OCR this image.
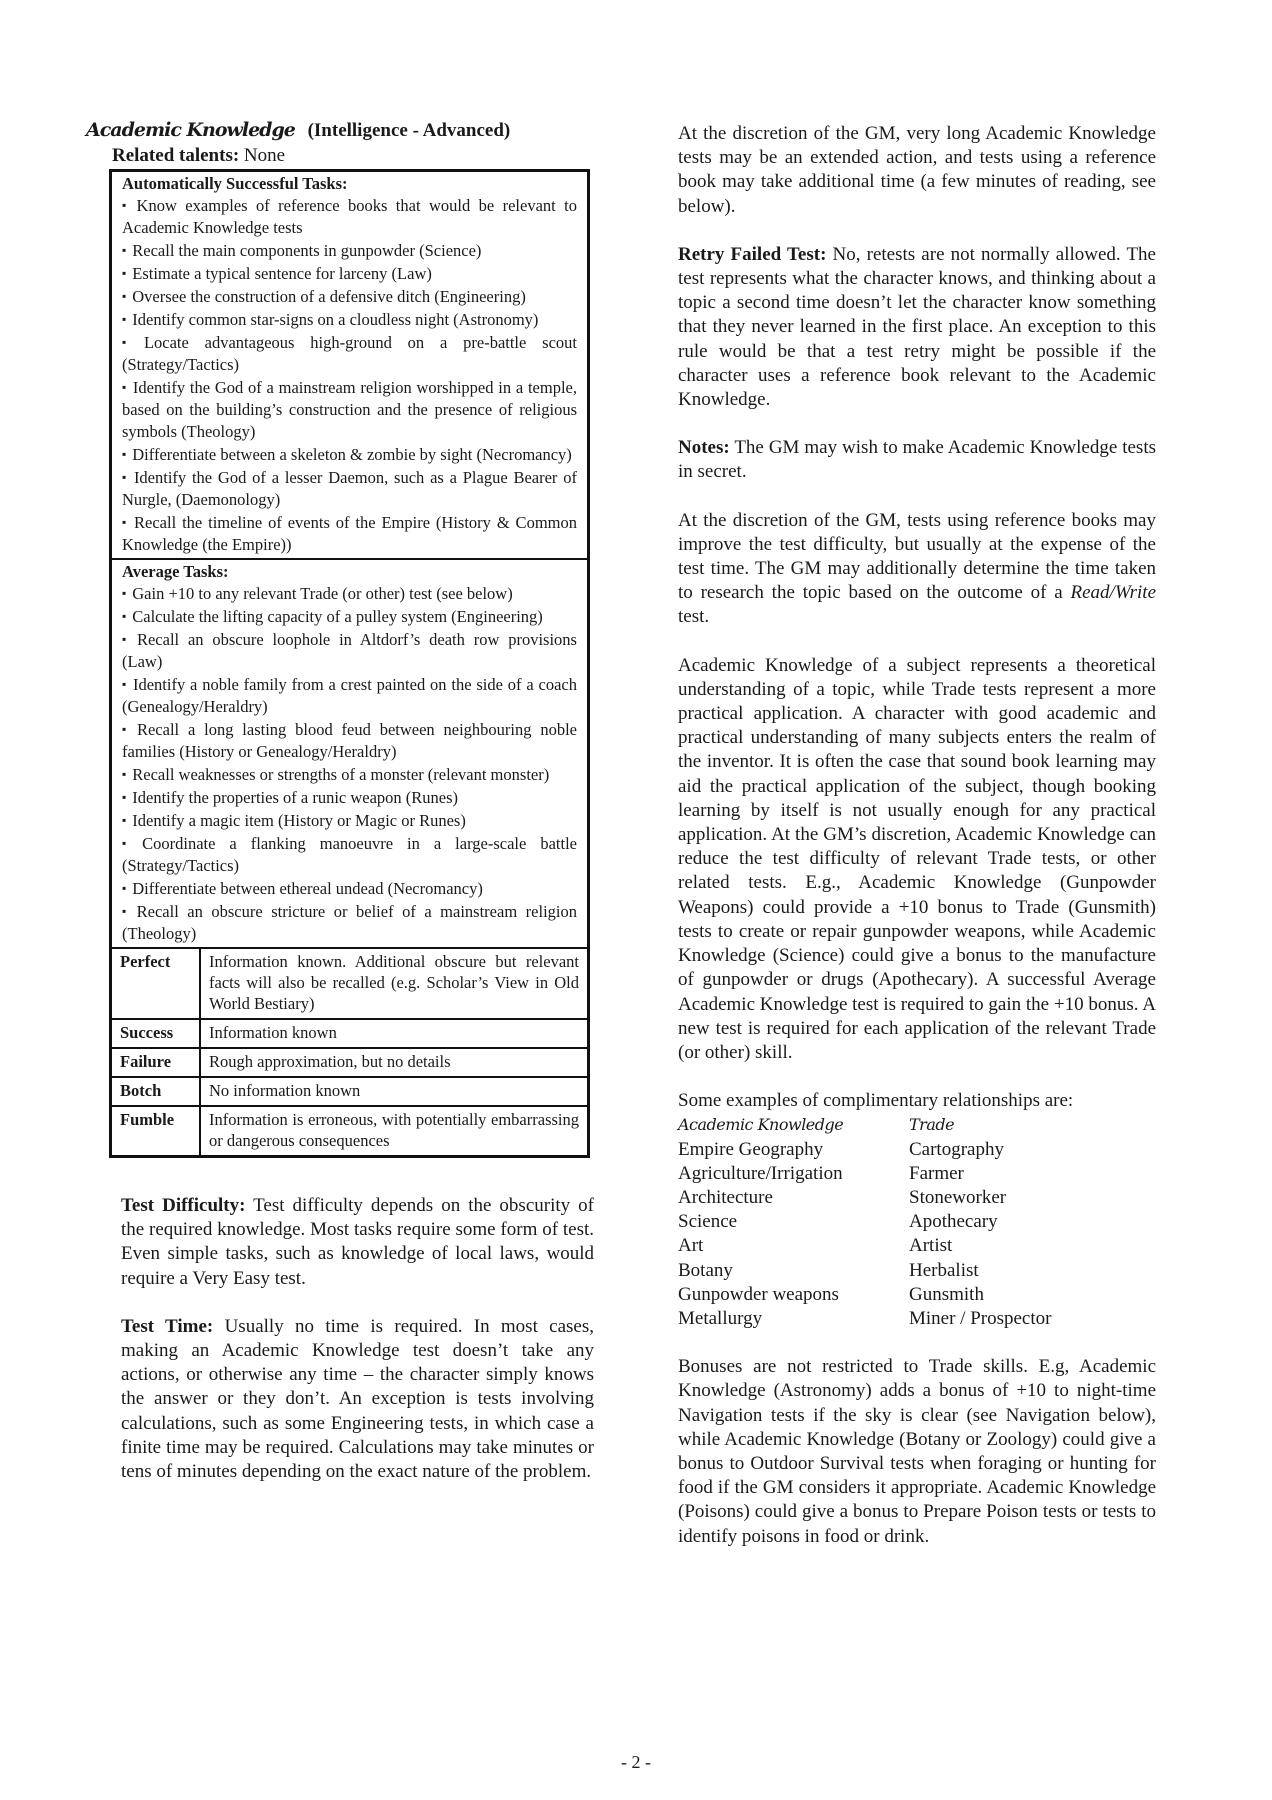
Academic Knowledge (Intelligence - Advanced)
Related talents: None
Automatically Successful Tasks:
▪ Know examples of reference books that would be relevant to Academic Knowledge tests
▪ Recall the main components in gunpowder (Science)
▪ Estimate a typical sentence for larceny (Law)
▪ Oversee the construction of a defensive ditch (Engineering)
▪ Identify common star-signs on a cloudless night (Astronomy)
▪ Locate advantageous high-ground on a pre-battle scout (Strategy/Tactics)
▪ Identify the God of a mainstream religion worshipped in a temple, based on the building’s construction and the presence of religious symbols (Theology)
▪ Differentiate between a skeleton & zombie by sight (Necromancy)
▪ Identify the God of a lesser Daemon, such as a Plague Bearer of Nurgle, (Daemonology)
▪ Recall the timeline of events of the Empire (History & Common Knowledge (the Empire))
Average Tasks:
▪ Gain +10 to any relevant Trade (or other) test (see below)
▪ Calculate the lifting capacity of a pulley system (Engineering)
▪ Recall an obscure loophole in Altdorf’s death row provisions (Law)
▪ Identify a noble family from a crest painted on the side of a coach (Genealogy/Heraldry)
▪ Recall a long lasting blood feud between neighbouring noble families (History or Genealogy/Heraldry)
▪ Recall weaknesses or strengths of a monster (relevant monster)
▪ Identify the properties of a runic weapon (Runes)
▪ Identify a magic item (History or Magic or Runes)
▪ Coordinate a flanking manoeuvre in a large-scale battle (Strategy/Tactics)
▪ Differentiate between ethereal undead (Necromancy)
▪ Recall an obscure stricture or belief of a mainstream religion (Theology)
Perfect	Information known. Additional obscure but relevant facts will also be recalled (e.g. Scholar’s View in Old World Bestiary)
Success	Information known
Failure	Rough approximation, but no details
Botch	No information known
Fumble	Information is erroneous, with potentially embarrassing or dangerous consequences

Test Difficulty: Test difficulty depends on the obscurity of the required knowledge. Most tasks require some form of test. Even simple tasks, such as knowledge of local laws, would require a Very Easy test.

Test Time: Usually no time is required. In most cases, making an Academic Knowledge test doesn’t take any actions, or otherwise any time – the character simply knows the answer or they don’t. An exception is tests involving calculations, such as some Engineering tests, in which case a finite time may be required. Calculations may take minutes or tens of minutes depending on the exact nature of the problem.

At the discretion of the GM, very long Academic Knowledge tests may be an extended action, and tests using a reference book may take additional time (a few minutes of reading, see below).

Retry Failed Test: No, retests are not normally allowed. The test represents what the character knows, and thinking about a topic a second time doesn’t let the character know something that they never learned in the first place. An exception to this rule would be that a test retry might be possible if the character uses a reference book relevant to the Academic Knowledge.

Notes: The GM may wish to make Academic Knowledge tests in secret.

At the discretion of the GM, tests using reference books may improve the test difficulty, but usually at the expense of the test time. The GM may additionally determine the time taken to research the topic based on the outcome of a Read/Write test.

Academic Knowledge of a subject represents a theoretical understanding of a topic, while Trade tests represent a more practical application. A character with good academic and practical understanding of many subjects enters the realm of the inventor. It is often the case that sound book learning may aid the practical application of the subject, though booking learning by itself is not usually enough for any practical application. At the GM’s discretion, Academic Knowledge can reduce the test difficulty of relevant Trade tests, or other related tests. E.g., Academic Knowledge (Gunpowder Weapons) could provide a +10 bonus to Trade (Gunsmith) tests to create or repair gunpowder weapons, while Academic Knowledge (Science) could give a bonus to the manufacture of gunpowder or drugs (Apothecary). A successful Average Academic Knowledge test is required to gain the +10 bonus. A new test is required for each application of the relevant Trade (or other) skill.

Some examples of complimentary relationships are:

Academic Knowledge	Trade
Empire Geography	Cartography
Agriculture/Irrigation	Farmer
Architecture	Stoneworker
Science	Apothecary
Art	Artist
Botany	Herbalist
Gunpowder weapons	Gunsmith
Metallurgy	Miner / Prospector

Bonuses are not restricted to Trade skills. E.g, Academic Knowledge (Astronomy) adds a bonus of +10 to night-time Navigation tests if the sky is clear (see Navigation below), while Academic Knowledge (Botany or Zoology) could give a bonus to Outdoor Survival tests when foraging or hunting for food if the GM considers it appropriate. Academic Knowledge (Poisons) could give a bonus to Prepare Poison tests or tests to identify poisons in food or drink.

- 2 -
